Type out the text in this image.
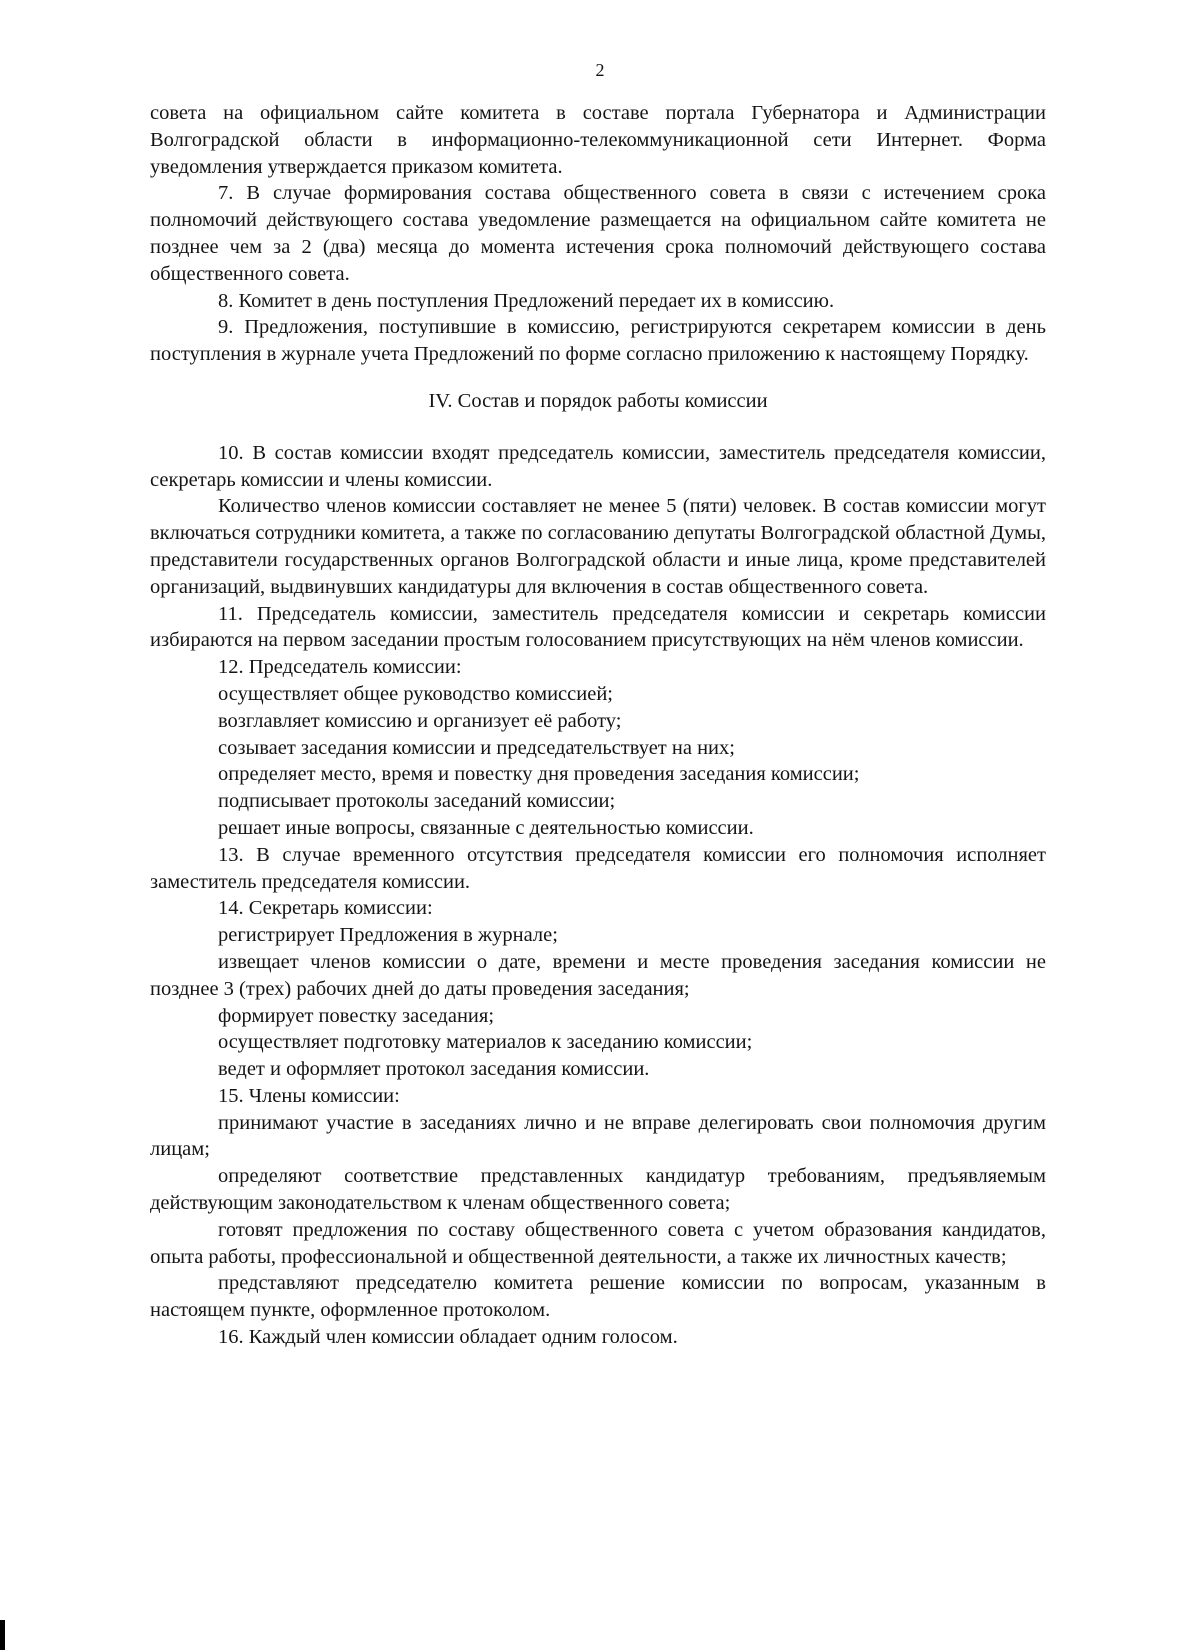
2

совета на официальном сайте комитета в составе портала Губернатора и Администрации Волгоградской области в информационно-телекоммуникационной сети Интернет. Форма уведомления утверждается приказом комитета.

7. В случае формирования состава общественного совета в связи с истечением срока полномочий действующего состава уведомление размещается на официальном сайте комитета не позднее чем за 2 (два) месяца до момента истечения срока полномочий действующего состава общественного совета.

8. Комитет в день поступления Предложений передает их в комиссию.

9. Предложения, поступившие в комиссию, регистрируются секретарем комиссии в день поступления в журнале учета Предложений по форме согласно приложению к настоящему Порядку.

IV. Состав и порядок работы комиссии

10. В состав комиссии входят председатель комиссии, заместитель председателя комиссии, секретарь комиссии и члены комиссии.

Количество членов комиссии составляет не менее 5 (пяти) человек. В состав комиссии могут включаться сотрудники комитета, а также по согласованию депутаты Волгоградской областной Думы, представители государственных органов Волгоградской области и иные лица, кроме представителей организаций, выдвинувших кандидатуры для включения в состав общественного совета.

11. Председатель комиссии, заместитель председателя комиссии и секретарь комиссии избираются на первом заседании простым голосованием присутствующих на нём членов комиссии.

12. Председатель комиссии:

осуществляет общее руководство комиссией;

возглавляет комиссию и организует её работу;

созывает заседания комиссии и председательствует на них;

определяет место, время и повестку дня проведения заседания комиссии;

подписывает протоколы заседаний комиссии;

решает иные вопросы, связанные с деятельностью комиссии.

13. В случае временного отсутствия председателя комиссии его полномочия исполняет заместитель председателя комиссии.

14. Секретарь комиссии:

регистрирует Предложения в журнале;

извещает членов комиссии о дате, времени и месте проведения заседания комиссии не позднее 3 (трех) рабочих дней до даты проведения заседания;

формирует повестку заседания;

осуществляет подготовку материалов к заседанию комиссии;

ведет и оформляет протокол заседания комиссии.

15. Члены комиссии:

принимают участие в заседаниях лично и не вправе делегировать свои полномочия другим лицам;

определяют соответствие представленных кандидатур требованиям, предъявляемым действующим законодательством к членам общественного совета;

готовят предложения по составу общественного совета с учетом образования кандидатов, опыта работы, профессиональной и общественной деятельности, а также их личностных качеств;

представляют председателю комитета решение комиссии по вопросам, указанным в настоящем пункте, оформленное протоколом.

16. Каждый член комиссии обладает одним голосом.
